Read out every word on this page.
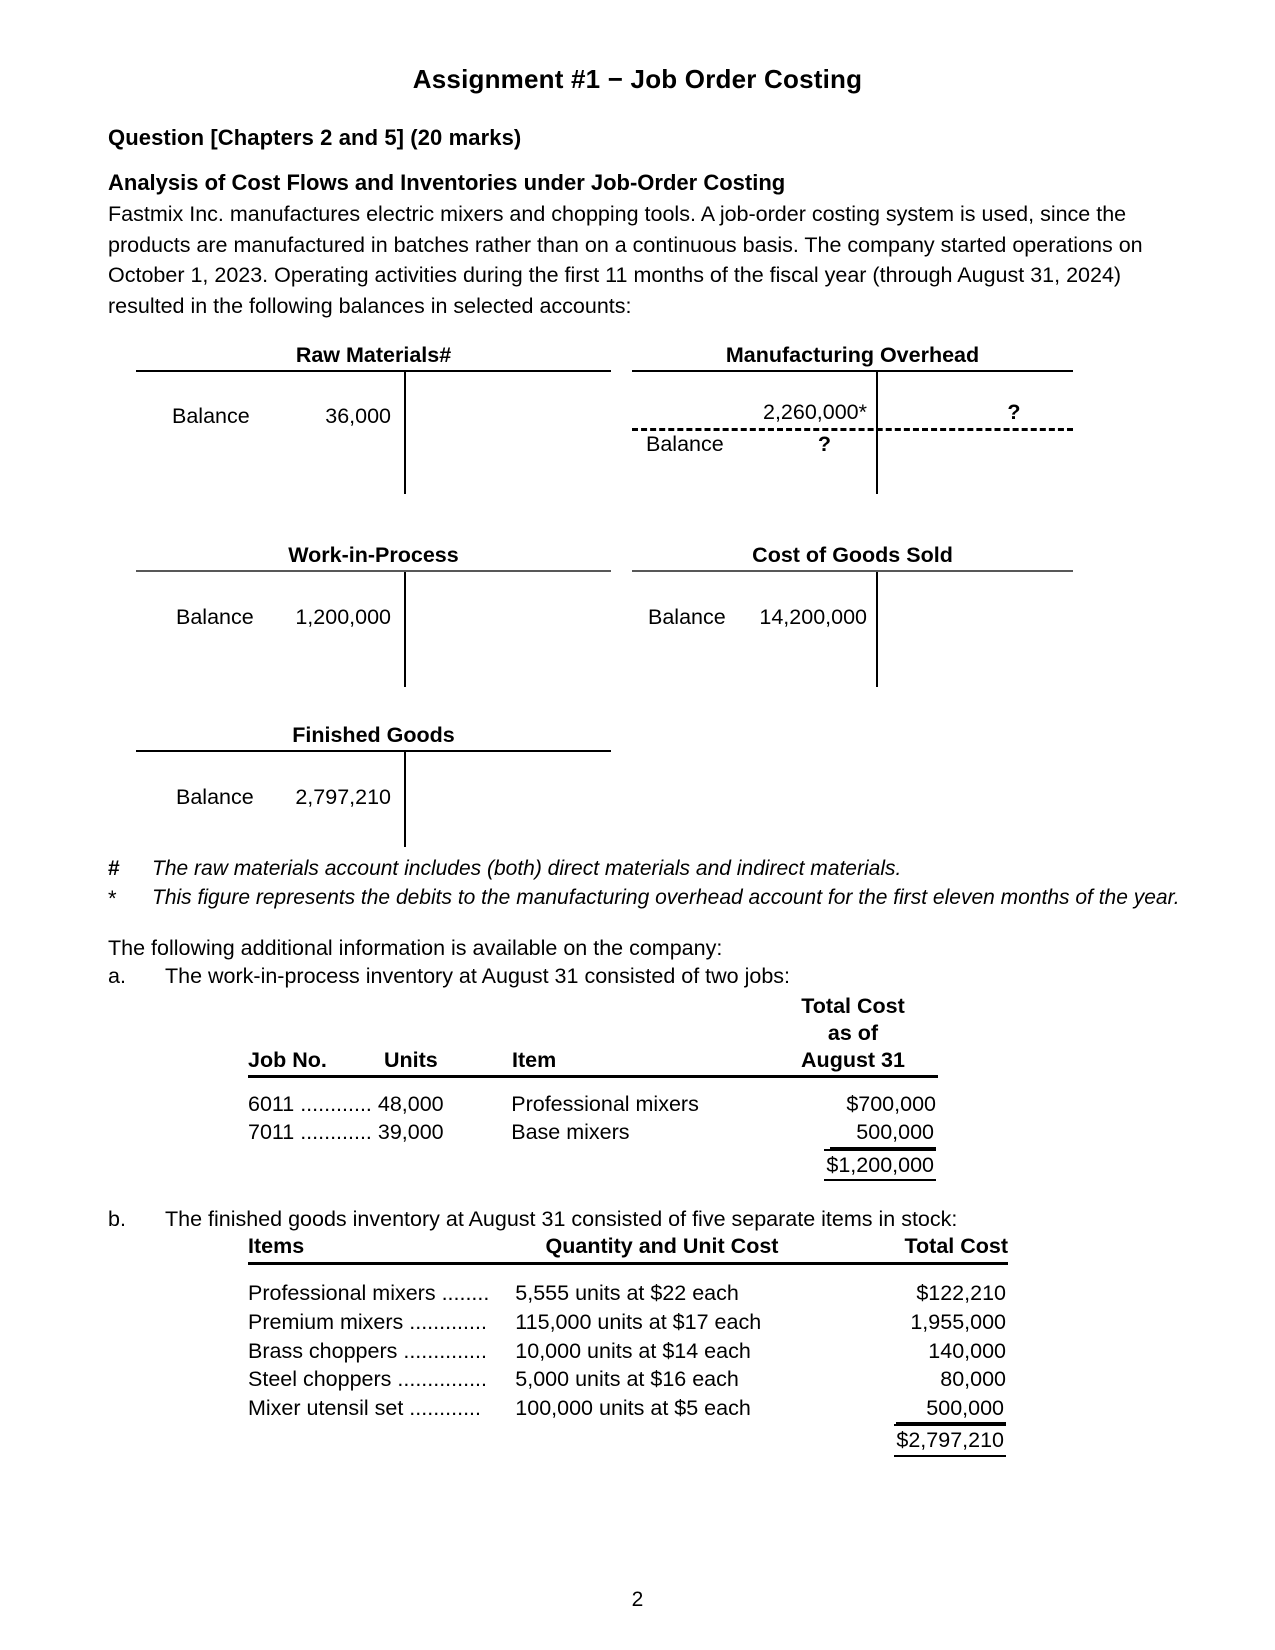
Assignment #1 − Job Order Costing
Question [Chapters 2 and 5] (20 marks)
Analysis of Cost Flows and Inventories under Job-Order Costing
Fastmix Inc. manufactures electric mixers and chopping tools. A job-order costing system is used, since the products are manufactured in batches rather than on a continuous basis. The company started operations on October 1, 2023. Operating activities during the first 11 months of the fiscal year (through August 31, 2024) resulted in the following balances in selected accounts:
Raw Materials#
Balance	36,000
Manufacturing Overhead
2,260,000*	?
Balance	?
Work-in-Process
Balance	1,200,000
Cost of Goods Sold
Balance	14,200,000
Finished Goods
Balance	2,797,210
#	The raw materials account includes (both) direct materials and indirect materials.
*	This figure represents the debits to the manufacturing overhead account for the first eleven months of the year.
The following additional information is available on the company:
a.	The work-in-process inventory at August 31 consisted of two jobs:
Total Cost
as of
Job No.	Units	Item	August 31
6011 ............ 48,000	Professional mixers	$700,000
7011 ............ 39,000	Base mixers	500,000
$1,200,000
b.	The finished goods inventory at August 31 consisted of five separate items in stock:
Items	Quantity and Unit Cost	Total Cost
Professional mixers ........	5,555 units at $22 each	$122,210
Premium mixers .............	115,000 units at $17 each	1,955,000
Brass choppers ..............	10,000 units at $14 each	140,000
Steel choppers ...............	5,000 units at $16 each	80,000
Mixer utensil set ............	100,000 units at $5 each	500,000
$2,797,210
2
